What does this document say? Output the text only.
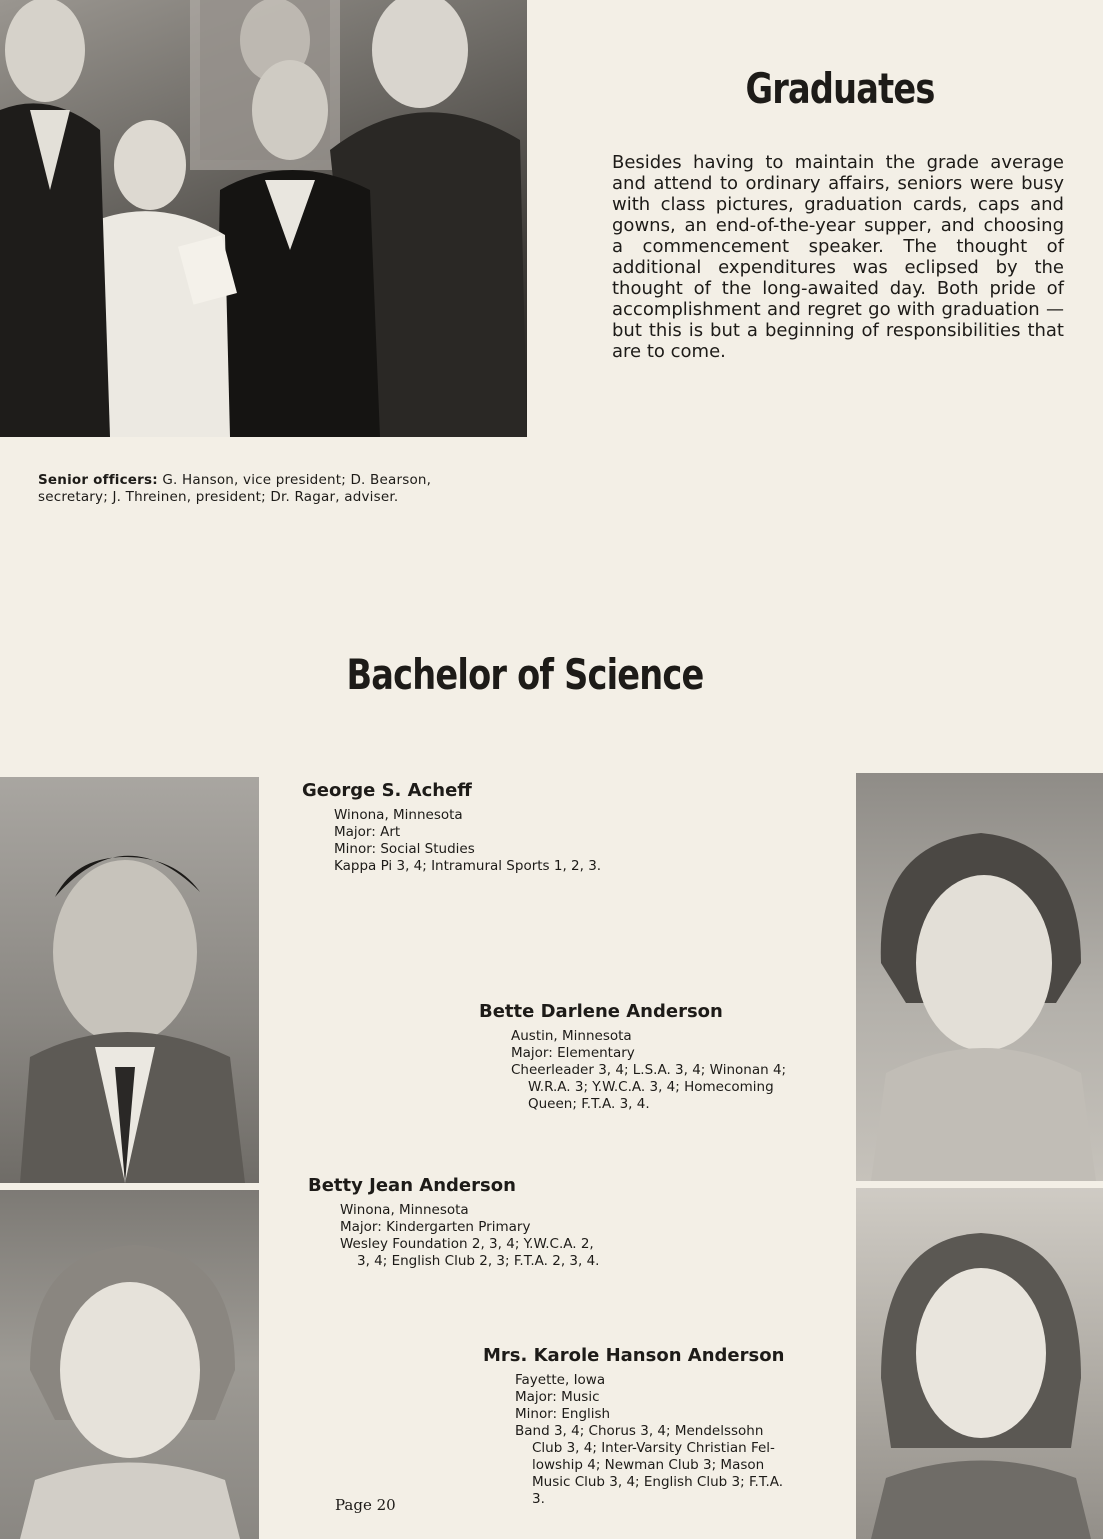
Senior officers: G. Hanson, vice president; D. Bearson, secretary; J. Threinen, president; Dr. Ragar, adviser.
Graduates
Besides having to maintain the grade average and attend to ordinary affairs, seniors were busy with class pictures, graduation cards, caps and gowns, an end-of-the-year supper, and choosing a commencement speaker. The thought of additional expenditures was eclipsed by the thought of the long-awaited day. Both pride of accomplishment and regret go with graduation —but this is but a beginning of responsibilities that are to come.
Bachelor of Science
George S. Acheff
Winona, Minnesota
Major: Art
Minor: Social Studies
Kappa Pi 3, 4; Intramural Sports 1, 2, 3.
Bette Darlene Anderson
Austin, Minnesota
Major: Elementary
Cheerleader 3, 4; L.S.A. 3, 4; Winonan 4;
W.R.A. 3; Y.W.C.A. 3, 4; Homecoming
Queen; F.T.A. 3, 4.
Betty Jean Anderson
Winona, Minnesota
Major: Kindergarten Primary
Wesley Foundation 2, 3, 4; Y.W.C.A. 2,
3, 4; English Club 2, 3; F.T.A. 2, 3, 4.
Mrs. Karole Hanson Anderson
Fayette, Iowa
Major: Music
Minor: English
Band 3, 4; Chorus 3, 4; Mendelssohn
Club 3, 4; Inter-Varsity Christian Fel-
lowship 4; Newman Club 3; Mason
Music Club 3, 4; English Club 3; F.T.A.
3.
Page 20
